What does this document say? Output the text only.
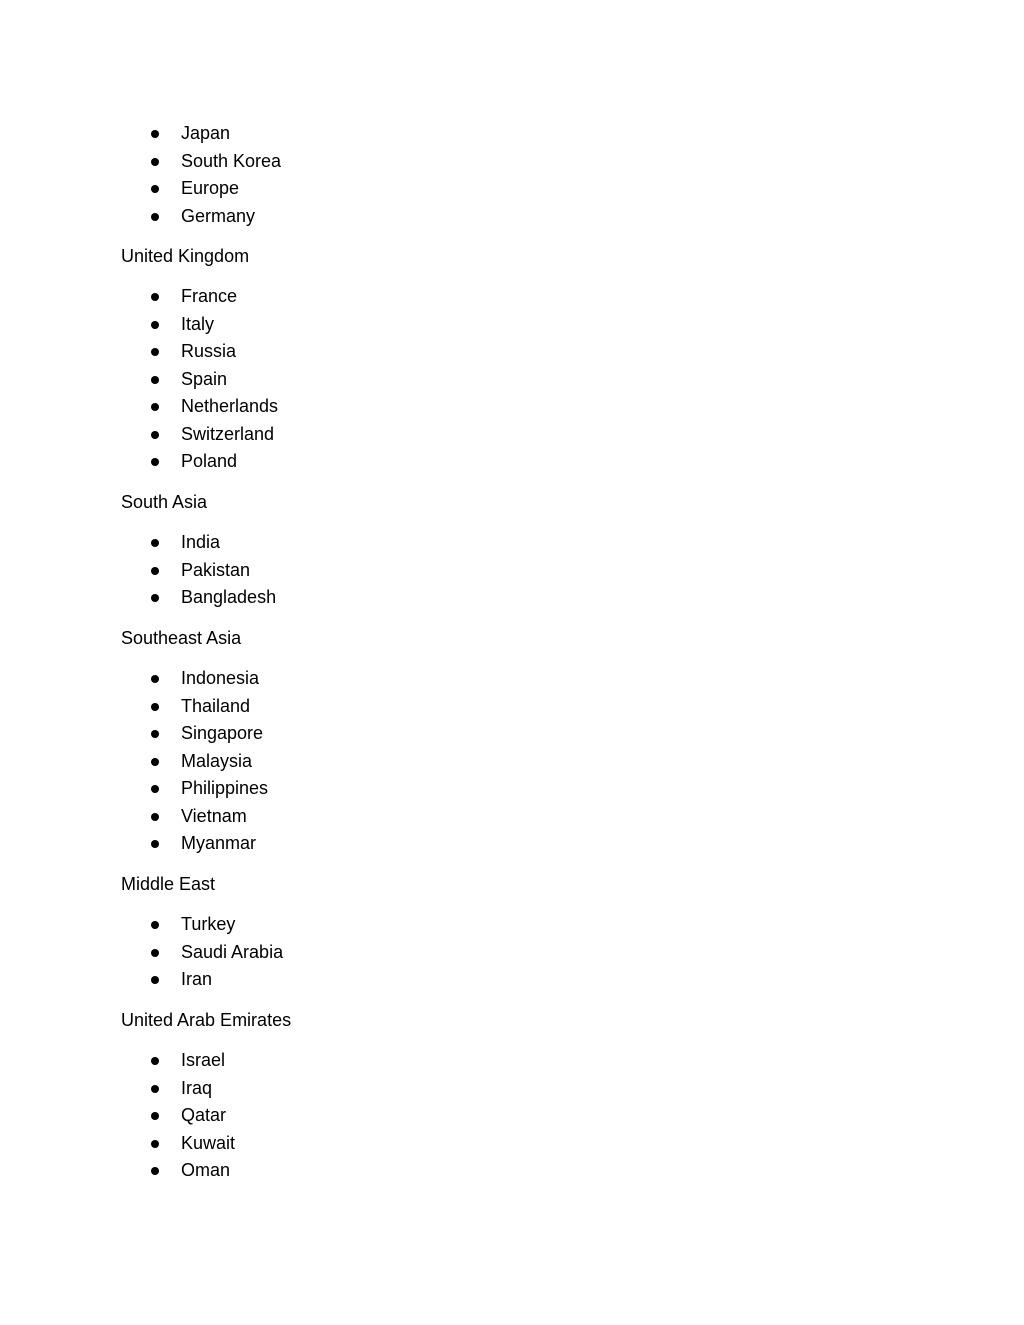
Japan
South Korea
Europe
Germany
United Kingdom
France
Italy
Russia
Spain
Netherlands
Switzerland
Poland
South Asia
India
Pakistan
Bangladesh
Southeast Asia
Indonesia
Thailand
Singapore
Malaysia
Philippines
Vietnam
Myanmar
Middle East
Turkey
Saudi Arabia
Iran
United Arab Emirates
Israel
Iraq
Qatar
Kuwait
Oman
